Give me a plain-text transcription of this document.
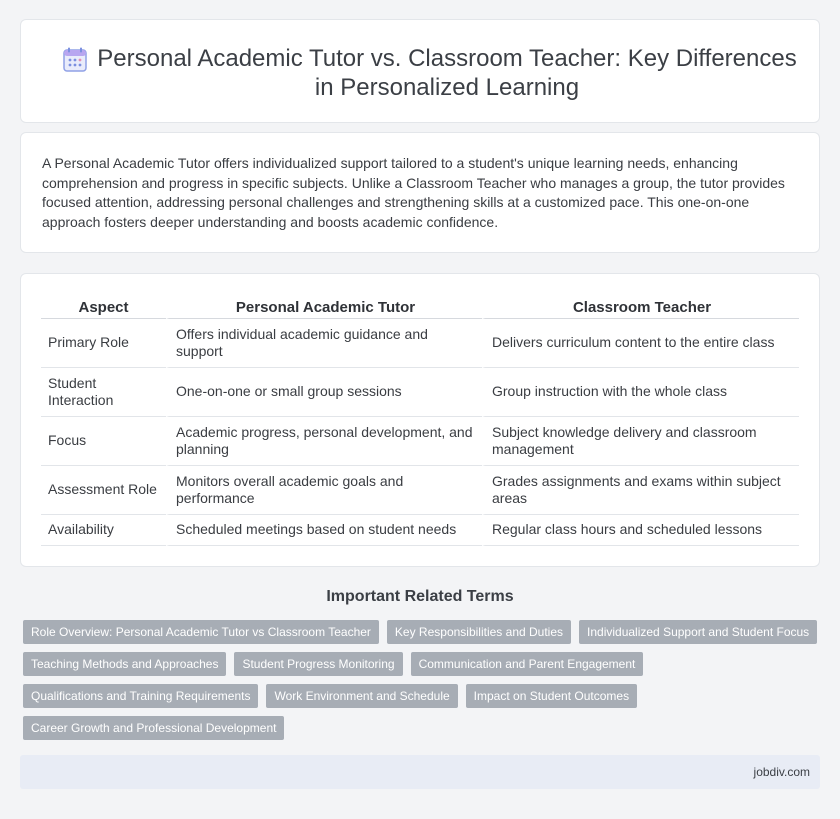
Personal Academic Tutor vs. Classroom Teacher: Key Differences in Personalized Learning

A Personal Academic Tutor offers individualized support tailored to a student's unique learning needs, enhancing comprehension and progress in specific subjects. Unlike a Classroom Teacher who manages a group, the tutor provides focused attention, addressing personal challenges and strengthening skills at a customized pace. This one-on-one approach fosters deeper understanding and boosts academic confidence.

Aspect	Personal Academic Tutor	Classroom Teacher
Primary Role	Offers individual academic guidance and support	Delivers curriculum content to the entire class
Student Interaction	One-on-one or small group sessions	Group instruction with the whole class
Focus	Academic progress, personal development, and planning	Subject knowledge delivery and classroom management
Assessment Role	Monitors overall academic goals and performance	Grades assignments and exams within subject areas
Availability	Scheduled meetings based on student needs	Regular class hours and scheduled lessons
Important Related Terms
Role Overview: Personal Academic Tutor vs Classroom Teacher	Key Responsibilities and Duties	Individualized Support and Student Focus
Teaching Methods and Approaches	Student Progress Monitoring	Communication and Parent Engagement
Qualifications and Training Requirements	Work Environment and Schedule	Impact on Student Outcomes
Career Growth and Professional Development
jobdiv.com
